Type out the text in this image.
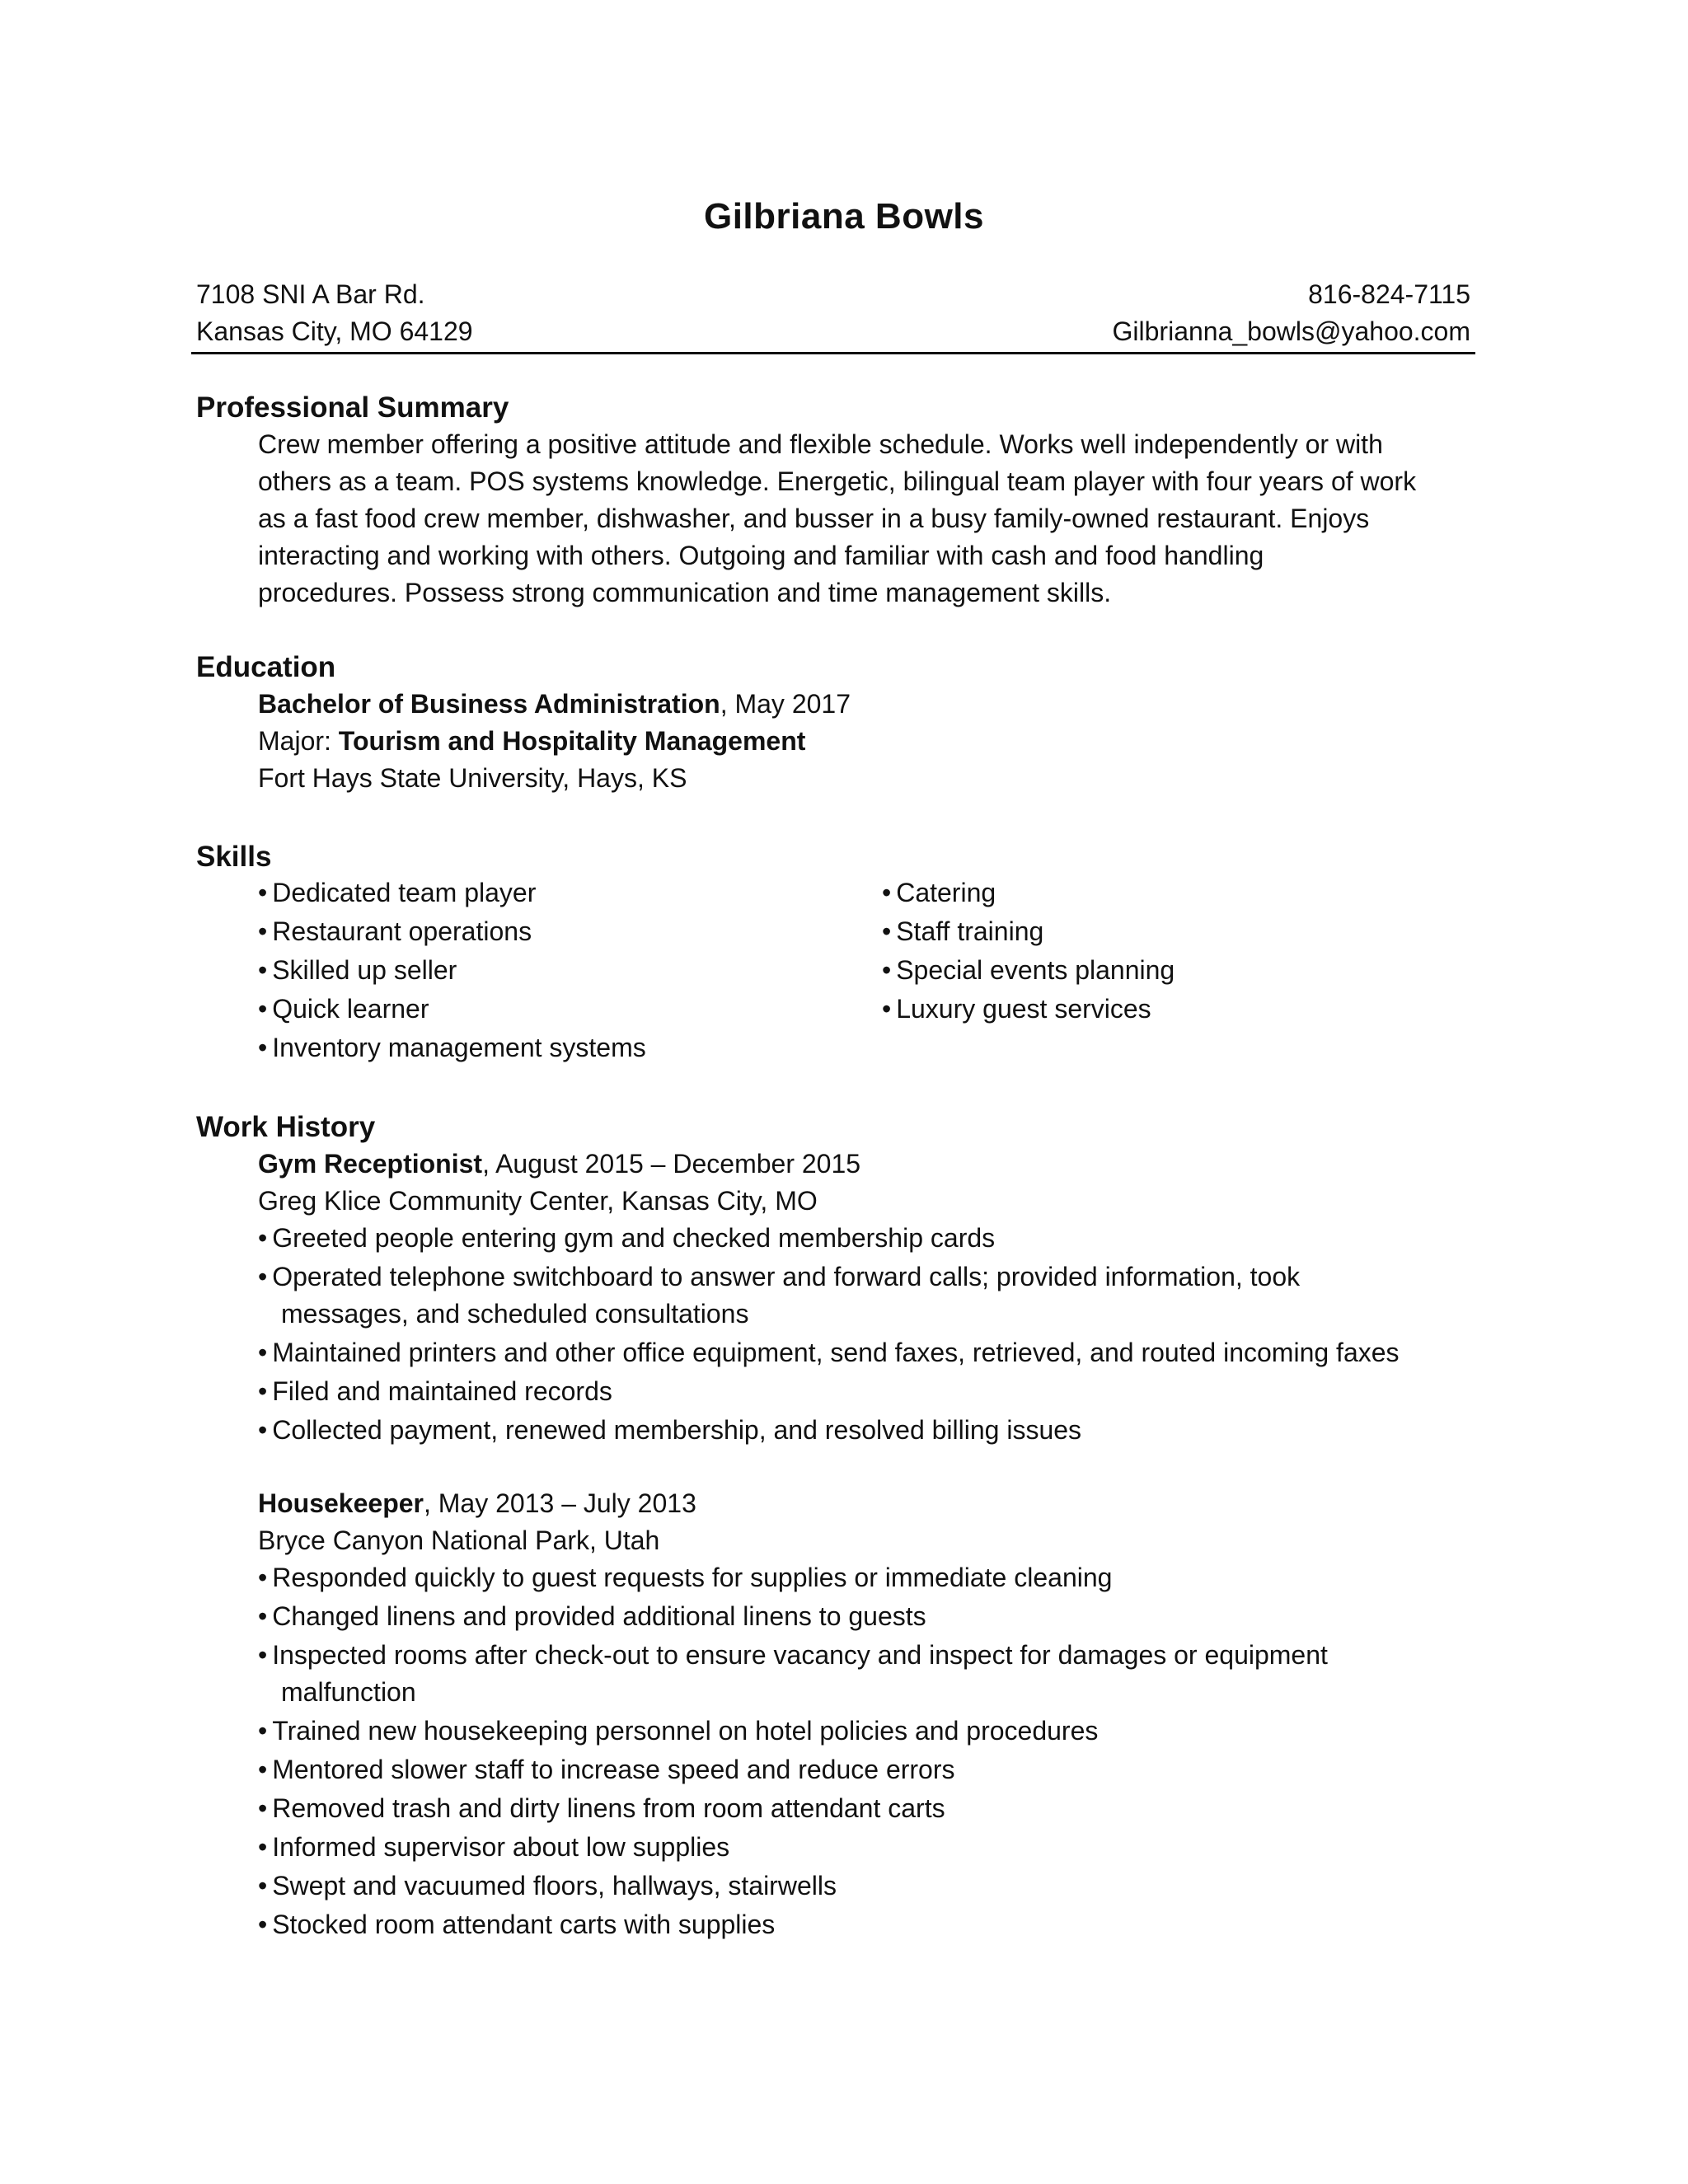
Gilbriana Bowls
7108 SNI A Bar Rd.	816-824-7115
Kansas City, MO 64129	Gilbrianna_bowls@yahoo.com
Professional Summary

Crew member offering a positive attitude and flexible schedule. Works well independently or with

others as a team. POS systems knowledge. Energetic, bilingual team player with four years of work

as a fast food crew member, dishwasher, and busser in a busy family-owned restaurant. Enjoys

interacting and working with others. Outgoing and familiar with cash and food handling

procedures. Possess strong communication and time management skills.

Education
Bachelor of Business Administration, May 2017
Major: Tourism and Hospitality Management
Fort Hays State University, Hays, KS
Skills
• Dedicated team player
• Restaurant operations
• Skilled up seller
• Quick learner
• Inventory management systems
• Catering
• Staff training
• Special events planning
• Luxury guest services
Work History
Gym Receptionist, August 2015 – December 2015
Greg Klice Community Center, Kansas City, MO
• Greeted people entering gym and checked membership cards
• Operated telephone switchboard to answer and forward calls; provided information, took
messages, and scheduled consultations
• Maintained printers and other office equipment, send faxes, retrieved, and routed incoming faxes
• Filed and maintained records
• Collected payment, renewed membership, and resolved billing issues
Housekeeper, May 2013 – July 2013
Bryce Canyon National Park, Utah
• Responded quickly to guest requests for supplies or immediate cleaning
• Changed linens and provided additional linens to guests
• Inspected rooms after check-out to ensure vacancy and inspect for damages or equipment
malfunction
• Trained new housekeeping personnel on hotel policies and procedures
• Mentored slower staff to increase speed and reduce errors
• Removed trash and dirty linens from room attendant carts
• Informed supervisor about low supplies
• Swept and vacuumed floors, hallways, stairwells
• Stocked room attendant carts with supplies
